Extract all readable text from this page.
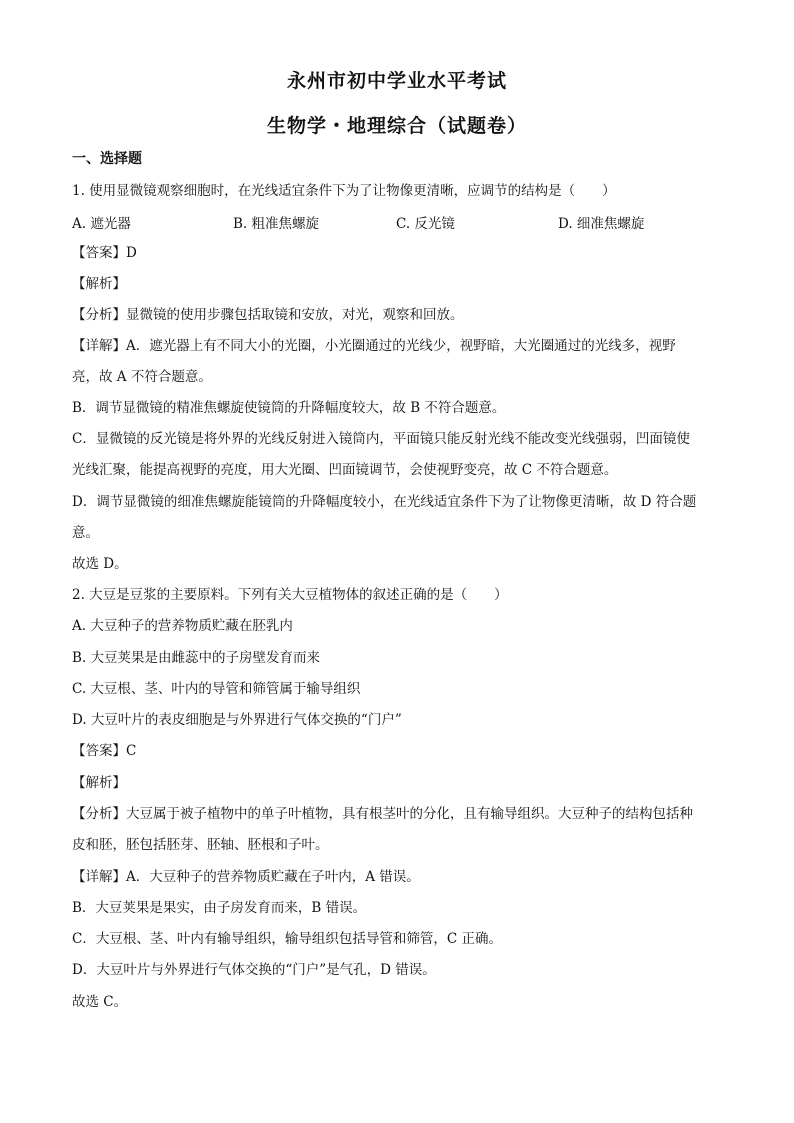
永州市初中学业水平考试
生物学・地理综合（试题卷）
一、选择题
1. 使用显微镜观察细胞时，在光线适宜条件下为了让物像更清晰，应调节的结构是（　　）
A. 遮光器	B. 粗准焦螺旋	C. 反光镜	D. 细准焦螺旋
【答案】D
【解析】
【分析】显微镜的使用步骤包括取镜和安放，对光，观察和回放。
【详解】A．遮光器上有不同大小的光圈，小光圈通过的光线少，视野暗，大光圈通过的光线多，视野
亮，故 A 不符合题意。
B．调节显微镜的精准焦螺旋使镜筒的升降幅度较大，故 B 不符合题意。
C．显微镜的反光镜是将外界的光线反射进入镜筒内，平面镜只能反射光线不能改变光线强弱，凹面镜使
光线汇聚，能提高视野的亮度，用大光圈、凹面镜调节，会使视野变亮，故 C 不符合题意。
D．调节显微镜的细准焦螺旋能镜筒的升降幅度较小，在光线适宜条件下为了让物像更清晰，故 D 符合题
意。
故选 D。
2. 大豆是豆浆的主要原料。下列有关大豆植物体的叙述正确的是（　　）
A. 大豆种子的营养物质贮藏在胚乳内
B. 大豆荚果是由雌蕊中的子房壁发育而来
C. 大豆根、茎、叶内的导管和筛管属于输导组织
D. 大豆叶片的表皮细胞是与外界进行气体交换的“门户”
【答案】C
【解析】
【分析】大豆属于被子植物中的单子叶植物，具有根茎叶的分化，且有输导组织。大豆种子的结构包括种
皮和胚，胚包括胚芽、胚轴、胚根和子叶。
【详解】A．大豆种子的营养物质贮藏在子叶内，A 错误。
B．大豆荚果是果实，由子房发育而来，B 错误。
C．大豆根、茎、叶内有输导组织，输导组织包括导管和筛管，C 正确。
D．大豆叶片与外界进行气体交换的“门户”是气孔，D 错误。
故选 C。
